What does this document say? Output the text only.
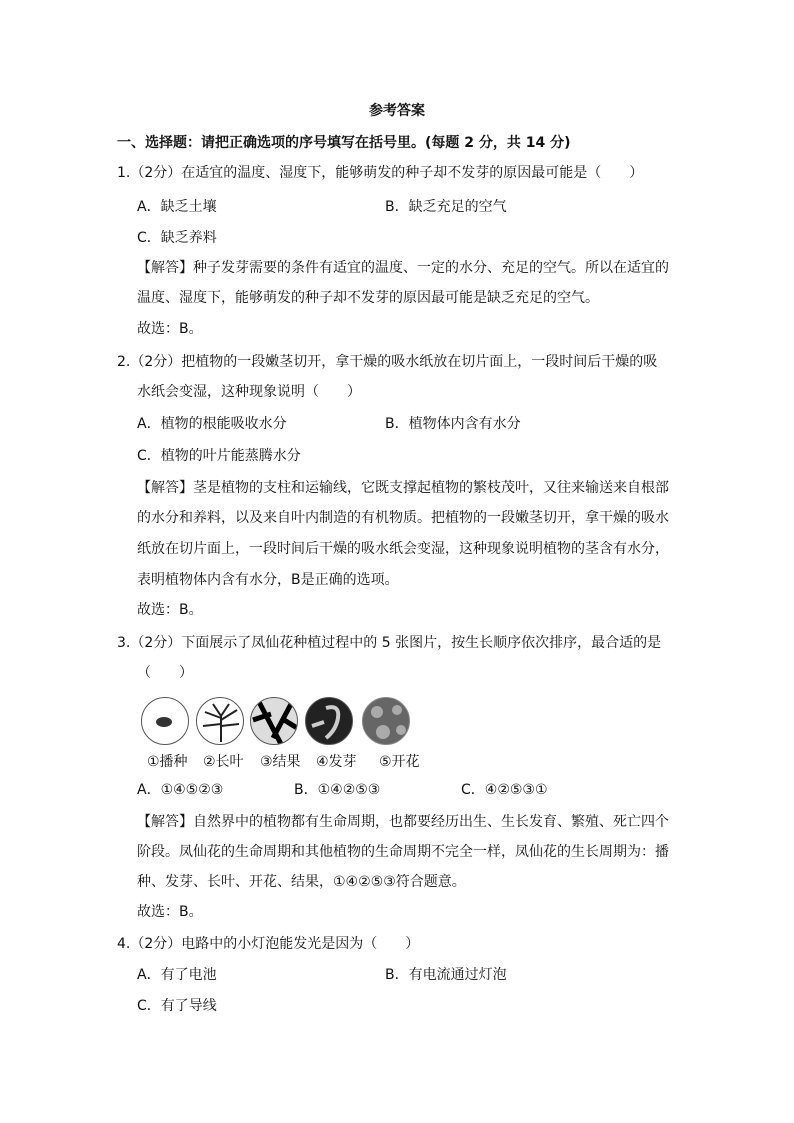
参考答案
一、选择题：请把正确选项的序号填写在括号里。(每题 2 分，共 14 分)
1.（2分）在适宜的温度、湿度下，能够萌发的种子却不发芽的原因最可能是（　　）
A．缺乏土壤	B．缺乏充足的空气
C．缺乏养料
【解答】种子发芽需要的条件有适宜的温度、一定的水分、充足的空气。所以在适宜的
温度、湿度下，能够萌发的种子却不发芽的原因最可能是缺乏充足的空气。
故选：B。
2.（2分）把植物的一段嫩茎切开，拿干燥的吸水纸放在切片面上，一段时间后干燥的吸
水纸会变湿，这种现象说明（　　）
A．植物的根能吸收水分	B．植物体内含有水分
C．植物的叶片能蒸腾水分
【解答】茎是植物的支柱和运输线，它既支撑起植物的繁枝茂叶，又往来输送来自根部
的水分和养料，以及来自叶内制造的有机物质。把植物的一段嫩茎切开，拿干燥的吸水
纸放在切片面上，一段时间后干燥的吸水纸会变湿，这种现象说明植物的茎含有水分，
表明植物体内含有水分，B是正确的选项。
故选：B。
3.（2分）下面展示了凤仙花种植过程中的 5 张图片，按生长顺序依次排序，最合适的是
（　　）
①播种 ②长叶 ③结果 ④发芽 ⑤开花
A．①④⑤②③	B．①④②⑤③	C．④②⑤③①
【解答】自然界中的植物都有生命周期，也都要经历出生、生长发育、繁殖、死亡四个
阶段。凤仙花的生命周期和其他植物的生命周期不完全一样，凤仙花的生长周期为：播
种、发芽、长叶、开花、结果，①④②⑤③符合题意。
故选：B。
4.（2分）电路中的小灯泡能发光是因为（　　）
A．有了电池	B．有电流通过灯泡
C．有了导线
